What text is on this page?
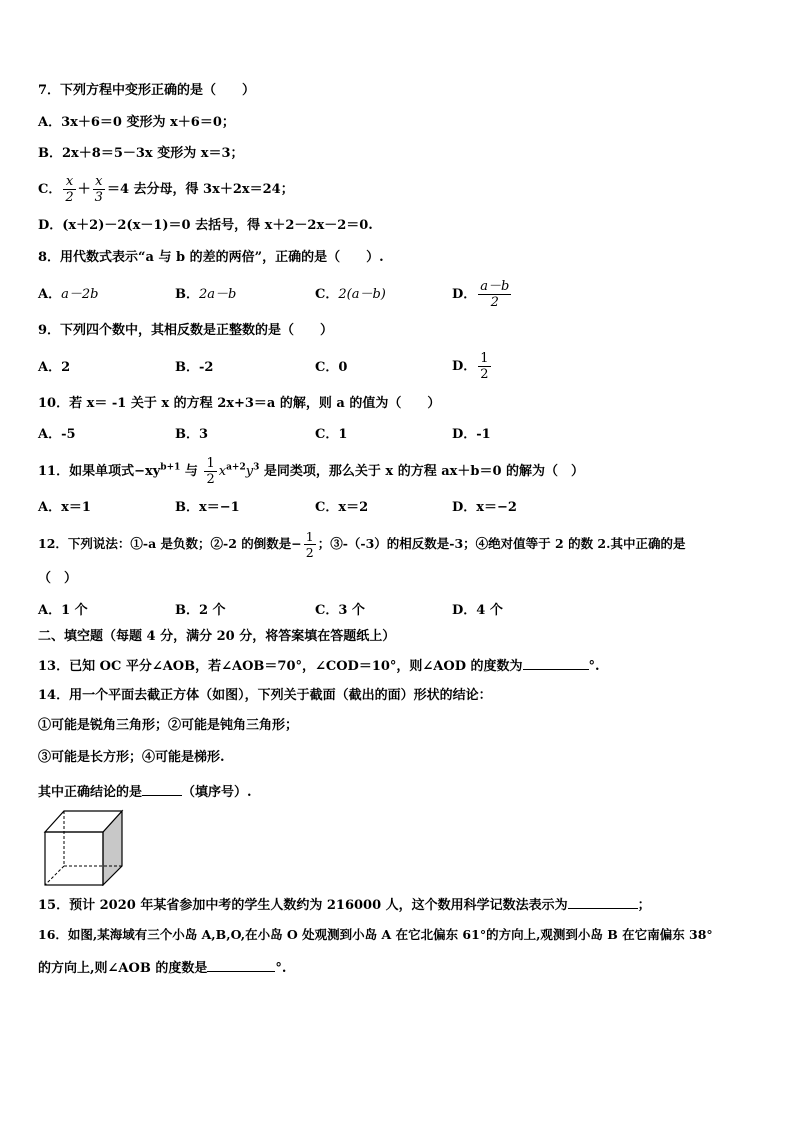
7．下列方程中变形正确的是（　　）
A．3x＋6＝0 变形为 x＋6＝0；
B．2x＋8＝5－3x 变形为 x＝3；
C． $\frac{x}{2} + \frac{x}{3} =4$ 去分母，得 3x＋2x＝24；
D．(x＋2)－2(x－1)＝0 去括号，得 x＋2－2x－2＝0.
8．用代数式表示“a 与 b 的差的两倍”，正确的是（　　）.
A．a－2b	B．2a－b	C．2(a－b)	D． $\frac{a-b}{2}$
9．下列四个数中，其相反数是正整数的是（　　）
A．2	B．-2	C．0	D． $\frac{1}{2}$
10．若 x＝ -1 关于 x 的方程 2x+3＝a 的解，则 a 的值为（　　）
A．-5	B．3	C．1	D．-1
11．如果单项式$-xy^{b+1}$ 与 $\frac{1}{2} x^{a+2}y^3$ 是同类项，那么关于 x 的方程 ax＋b＝0 的解为（　）
A．x＝1	B．x＝−1	C．x＝2	D．x＝−2
12．下列说法：①-a 是负数；②-2 的倒数是− $\frac{1}{2}$ ；③-（-3）的相反数是-3；④绝对值等于 2 的数 2.其中正确的是
（　）
A．1 个	B．2 个	C．3 个	D．4 个
二、填空题（每题 4 分，满分 20 分，将答案填在答题纸上）
13．已知 OC 平分∠AOB，若∠AOB＝70°，∠COD＝10°，则∠AOD 的度数为	°.
14．用一个平面去截正方体（如图），下列关于截面（截出的面）形状的结论：
①可能是锐角三角形；②可能是钝角三角形；
③可能是长方形；④可能是梯形.
其中正确结论的是	（填序号）.
15．预计 2020 年某省参加中考的学生人数约为 216000 人，这个数用科学记数法表示为	；
16．如图,某海域有三个小岛 A,B,O,在小岛 O 处观测到小岛 A 在它北偏东 61°的方向上,观测到小岛 B 在它南偏东 38°
的方向上,则∠AOB 的度数是	°.
